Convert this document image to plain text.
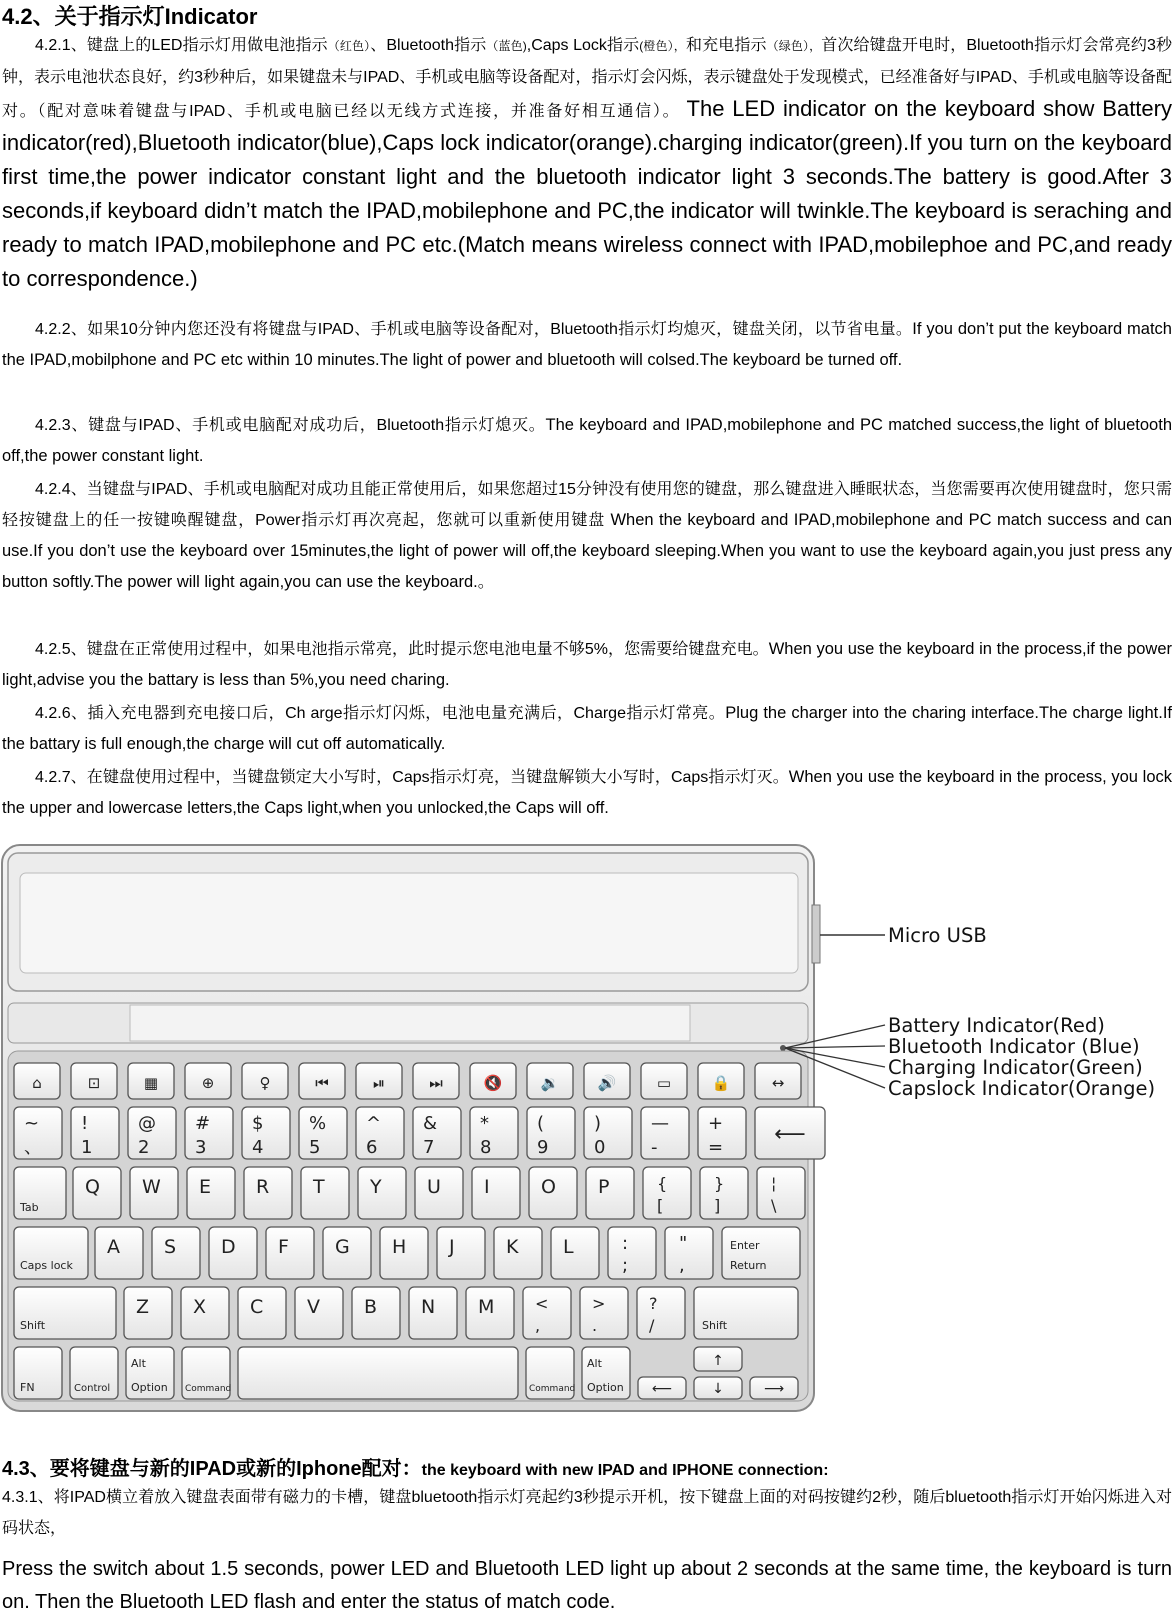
4.2、关于指示灯Indicator
4.2.1、键盘上的LED指示灯用做电池指示（红色）、Bluetooth指示（蓝色),Caps Lock指示(橙色），和充电指示（绿色），首次给键盘开电时，Bluetooth指示灯会常亮约3秒钟，表示电池状态良好，约3秒种后，如果键盘未与IPAD、手机或电脑等设备配对，指示灯会闪烁，表示键盘处于发现模式，已经准备好与IPAD、手机或电脑等设备配对。（配对意味着键盘与IPAD、手机或电脑已经以无线方式连接，并准备好相互通信）。 The LED indicator on the keyboard show Battery indicator(red),Bluetooth indicator(blue),Caps lock indicator(orange).charging indicator(green).If you turn on the keyboard first time,the power indicator constant light and the bluetooth indicator light 3 seconds.The battery is good.After 3 seconds,if keyboard didn’t match the IPAD,mobilephone and PC,the indicator will twinkle.The keyboard is seraching and ready to match IPAD,mobilephone and PC etc.(Match means wireless connect with IPAD,mobilephoe and PC,and ready to correspondence.)
4.2.2、如果10分钟内您还没有将键盘与IPAD、手机或电脑等设备配对，Bluetooth指示灯均熄灭，键盘关闭，以节省电量。If you don’t put the keyboard match the IPAD,mobilphone and PC etc within 10 minutes.The light of power and bluetooth will colsed.The keyboard be turned off.
4.2.3、键盘与IPAD、手机或电脑配对成功后，Bluetooth指示灯熄灭。The keyboard and IPAD,mobilephone and PC matched success,the light of bluetooth off,the power constant light.
4.2.4、当键盘与IPAD、手机或电脑配对成功且能正常使用后，如果您超过15分钟没有使用您的键盘，那么键盘进入睡眠状态，当您需要再次使用键盘时，您只需轻按键盘上的任一按键唤醒键盘，Power指示灯再次亮起，您就可以重新使用键盘 When the keyboard and IPAD,mobilephone and PC match success and can use.If you don’t use the keyboard over 15minutes,the light of power will off,the keyboard sleeping.When you want to use the keyboard again,you just press any button softly.The power will light again,you can use the keyboard.。
4.2.5、键盘在正常使用过程中，如果电池指示常亮，此时提示您电池电量不够5%，您需要给键盘充电。When you use the keyboard in the process,if the power light,advise you the battary is less than 5%,you need charing.
4.2.6、插入充电器到充电接口后，Ch arge指示灯闪烁，电池电量充满后，Charge指示灯常亮。Plug the charger into the charing interface.The charge light.If the battary is full enough,the charge will cut off automatically.
4.2.7、在键盘使用过程中，当键盘锁定大小写时，Caps指示灯亮，当键盘解锁大小写时，Caps指示灯灭。When you use the keyboard in the process, you lock the upper and lowercase letters,the Caps light,when you unlocked,the Caps will off.
⌂	⊡	▦	⊕	♀	⏮	⏯	⏭	🔇	🔉	🔊	▭	🔒	↔
~
、
!
1
@
2
#
3
$
4
%
5
^
6
&
7
*
8
(
9
)
0
—
-
+
=
⟵
Tab
Q W E R T Y U I	O P	{
[
}
]
¦
\
Caps lock
A S D F G H J	K L	:
;
"
,
Enter
Return
Shift
Z X C V B N M	<
,
>
.
?
/	Shift
FN	Control
Alt
Option Command	Command
Alt
Option ⟵
↑
↓	⟶
Micro USB
Battery Indicator(Red)
Bluetooth Indicator (Blue)
Charging Indicator(Green)
Capslock Indicator(Orange)
4.3、要将键盘与新的IPAD或新的Iphone配对：the keyboard with new IPAD and IPHONE connection:
4.3.1、将IPAD横立着放入键盘表面带有磁力的卡槽，键盘bluetooth指示灯亮起约3秒提示开机，按下键盘上面的对码按键约2秒，随后bluetooth指示灯开始闪烁进入对码状态，
Press the switch about 1.5 seconds, power LED and Bluetooth LED light up about 2 seconds at the same time, the keyboard is turn on. Then the Bluetooth LED flash and enter the status of match code.
